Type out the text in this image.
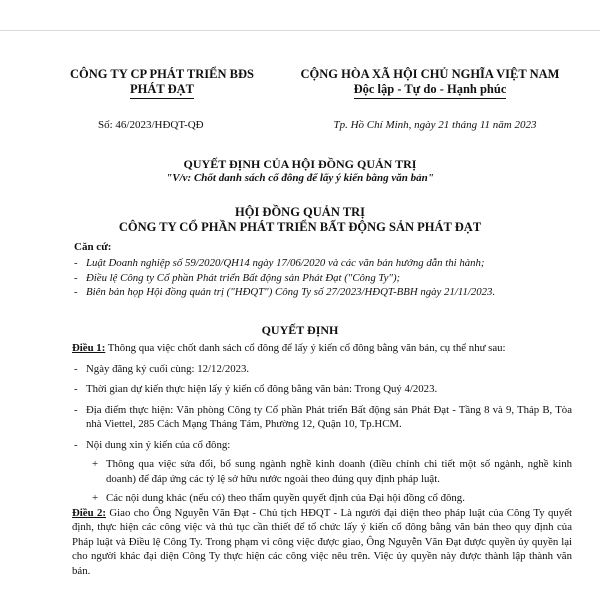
CÔNG TY CP PHÁT TRIỂN BĐS
PHÁT ĐẠT
CỘNG HÒA XÃ HỘI CHỦ NGHĨA VIỆT NAM
Độc lập - Tự do - Hạnh phúc
Số: 46/2023/HĐQT-QĐ	Tp. Hồ Chí Minh, ngày 21 tháng 11 năm 2023
QUYẾT ĐỊNH CỦA HỘI ĐỒNG QUẢN TRỊ
"V/v: Chốt danh sách cổ đông để lấy ý kiến bằng văn bản"
HỘI ĐỒNG QUẢN TRỊ
CÔNG TY CỔ PHẦN PHÁT TRIỂN BẤT ĐỘNG SẢN PHÁT ĐẠT
Căn cứ:
- Luật Doanh nghiệp số 59/2020/QH14 ngày 17/06/2020 và các văn bản hướng dẫn thi hành;
- Điều lệ Công ty Cổ phần Phát triển Bất động sản Phát Đạt ("Công Ty");
- Biên bản họp Hội đồng quản trị ("HĐQT") Công Ty số 27/2023/HĐQT-BBH ngày 21/11/2023.
QUYẾT ĐỊNH

Điều 1: Thông qua việc chốt danh sách cổ đông để lấy ý kiến cổ đông bằng văn bản, cụ thể như sau:

- Ngày đăng ký cuối cùng: 12/12/2023.
- Thời gian dự kiến thực hiện lấy ý kiến cổ đông bằng văn bản: Trong Quý 4/2023.
- Địa điểm thực hiện: Văn phòng Công ty Cổ phần Phát triển Bất động sản Phát Đạt - Tầng 8 và 9, Tháp B, Tòa nhà Viettel, 285 Cách Mạng Tháng Tám, Phường 12, Quận 10, Tp.HCM.
- Nội dung xin ý kiến của cổ đông:
+ Thông qua việc sửa đổi, bổ sung ngành nghề kinh doanh (điều chỉnh chi tiết một số ngành, nghề kinh doanh) để đáp ứng các tỷ lệ sở hữu nước ngoài theo đúng quy định pháp luật.
+ Các nội dung khác (nếu có) theo thẩm quyền quyết định của Đại hội đồng cổ đông.

Điều 2: Giao cho Ông Nguyễn Văn Đạt - Chủ tịch HĐQT - Là người đại diện theo pháp luật của Công Ty quyết định, thực hiện các công việc và thủ tục cần thiết để tổ chức lấy ý kiến cổ đông bằng văn bản theo quy định của Pháp luật và Điều lệ Công Ty. Trong phạm vi công việc được giao, Ông Nguyễn Văn Đạt được quyền ủy quyền lại cho người khác đại diện Công Ty thực hiện các công việc nêu trên. Việc ủy quyền này được thành lập thành văn bản.
